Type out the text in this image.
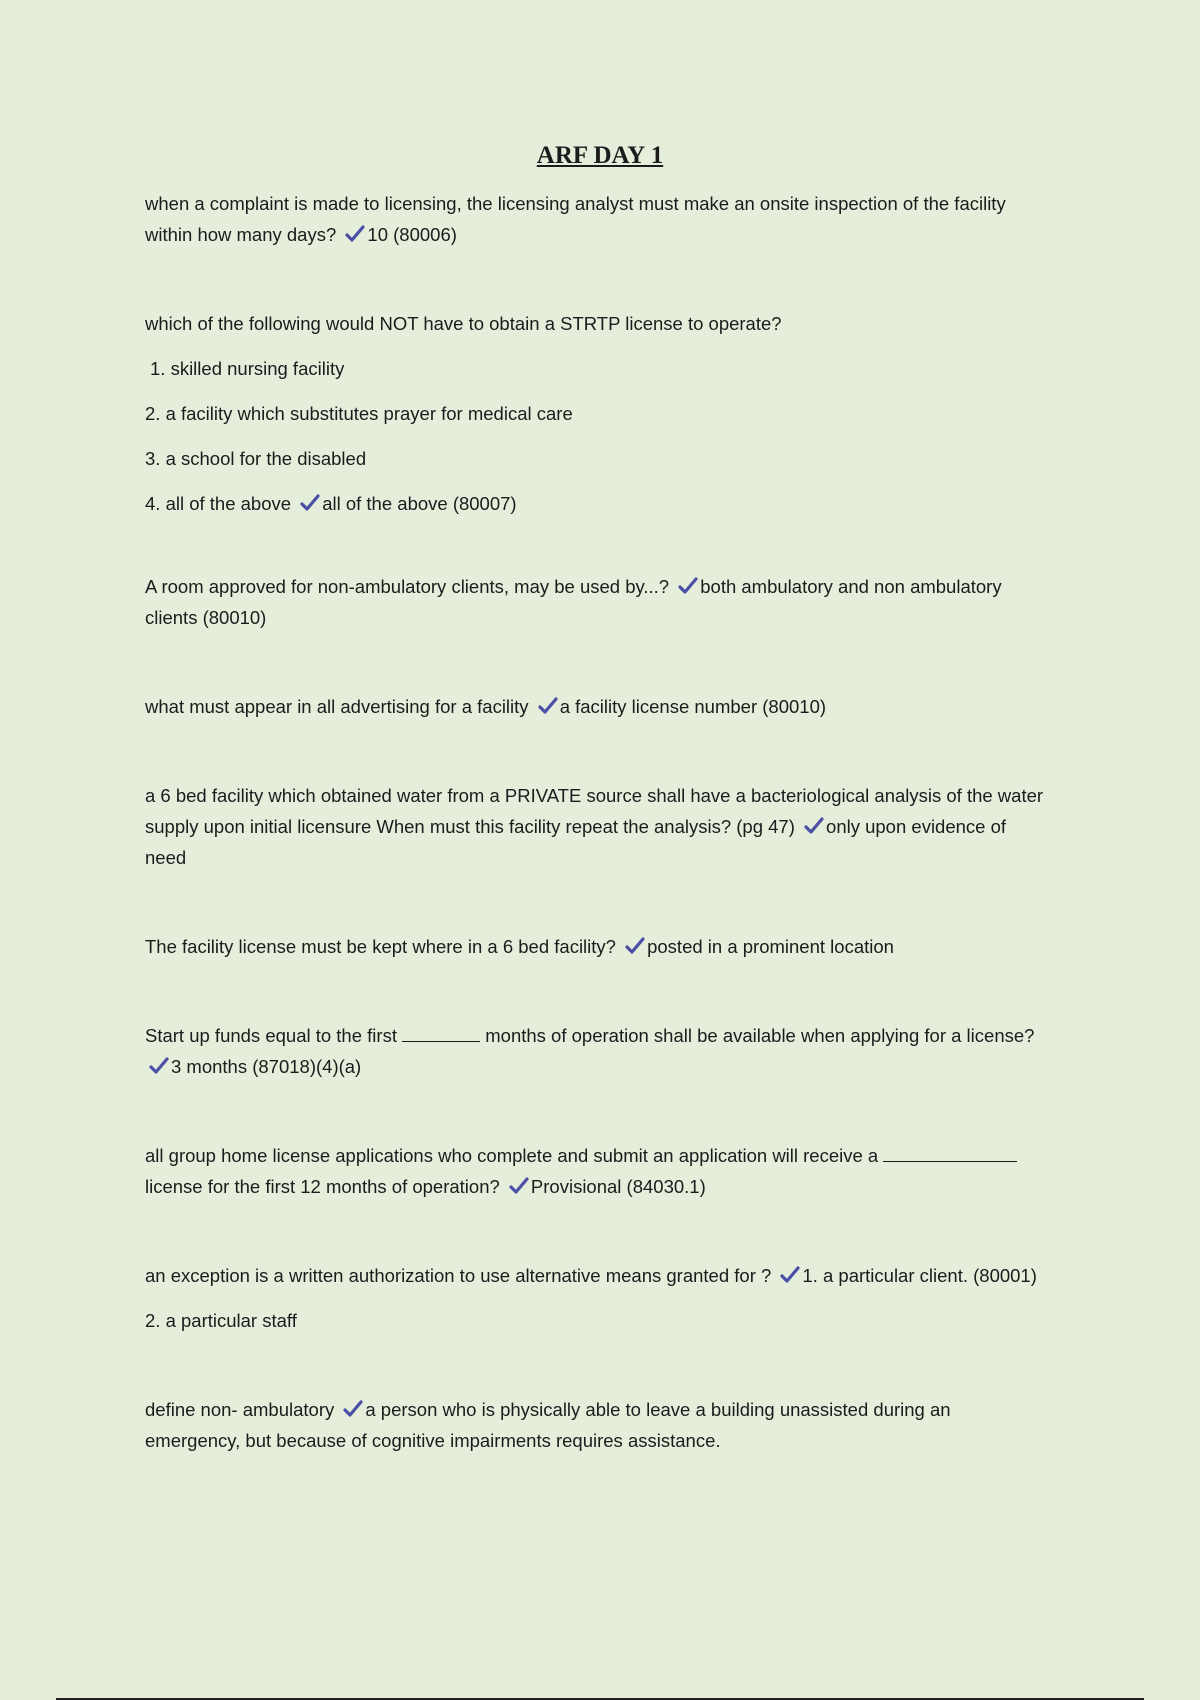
ARF DAY 1

when a complaint is made to licensing, the licensing analyst must make an onsite inspection of the facility within how many days? 10 (80006)

which of the following would NOT have to obtain a STRTP license to operate?

1. skilled nursing facility

2. a facility which substitutes prayer for medical care

3. a school for the disabled

4. all of the above all of the above (80007)

A room approved for non-ambulatory clients, may be used by...? both ambulatory and non ambulatory clients (80010)

what must appear in all advertising for a facility a facility license number (80010)

a 6 bed facility which obtained water from a PRIVATE source shall have a bacteriological analysis of the water supply upon initial licensure When must this facility repeat the analysis? (pg 47) only upon evidence of need

The facility license must be kept where in a 6 bed facility? posted in a prominent location

Start up funds equal to the first	months of operation shall be available when applying for a license?
3 months (87018)(4)(a)

all group home license applications who complete and submit an application will receive a  license for the first 12 months of operation? Provisional (84030.1)

an exception is a written authorization to use alternative means granted for ? 1. a particular client. (80001)

2. a particular staff

define non- ambulatory a person who is physically able to leave a building unassisted during an emergency, but because of cognitive impairments requires assistance.
